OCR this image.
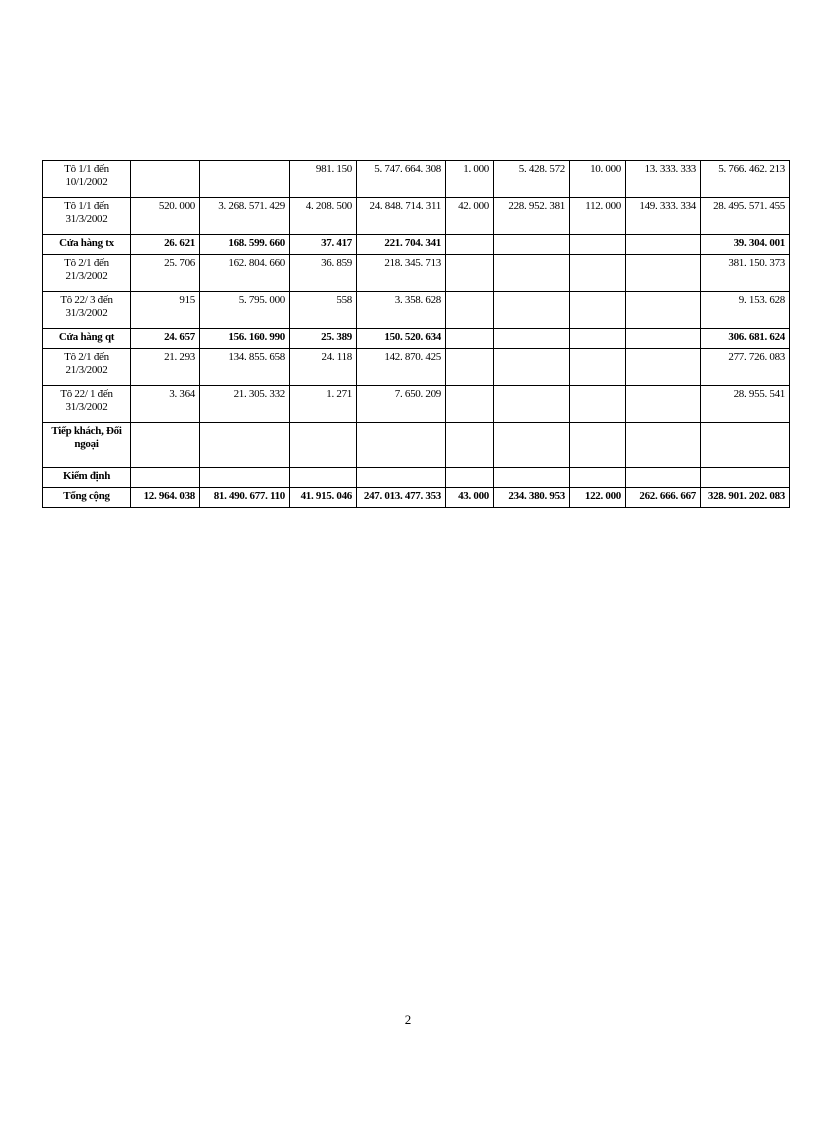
Tô 1/1 đến 10/1/2002			981. 150	5. 747. 664. 308	1. 000	5. 428. 572	10. 000	13. 333. 333	5. 766. 462. 213
Tô 1/1 đến 31/3/2002	520. 000	3. 268. 571. 429	4. 208. 500	24. 848. 714. 311	42. 000	228. 952. 381	112. 000	149. 333. 334	28. 495. 571. 455
Cửa hàng tx	26. 621	168. 599. 660	37. 417	221. 704. 341					39. 304. 001
Tô 2/1 đến 21/3/2002	25. 706	162. 804. 660	36. 859	218. 345. 713					381. 150. 373
Tô 22/ 3 đến 31/3/2002	915	5. 795. 000	558	3. 358. 628					9. 153. 628
Cửa hàng qt	24. 657	156. 160. 990	25. 389	150. 520. 634					306. 681. 624
Tô 2/1 đến 21/3/2002	21. 293	134. 855. 658	24. 118	142. 870. 425					277. 726. 083
Tô 22/ 1 đến 31/3/2002	3. 364	21. 305. 332	1. 271	7. 650. 209					28. 955. 541
Tiếp khách, Đối ngoại									
Kiểm định									
Tổng cộng	12. 964. 038	81. 490. 677. 110	41. 915. 046	247. 013. 477. 353	43. 000	234. 380. 953	122. 000	262. 666. 667	328. 901. 202. 083
2
